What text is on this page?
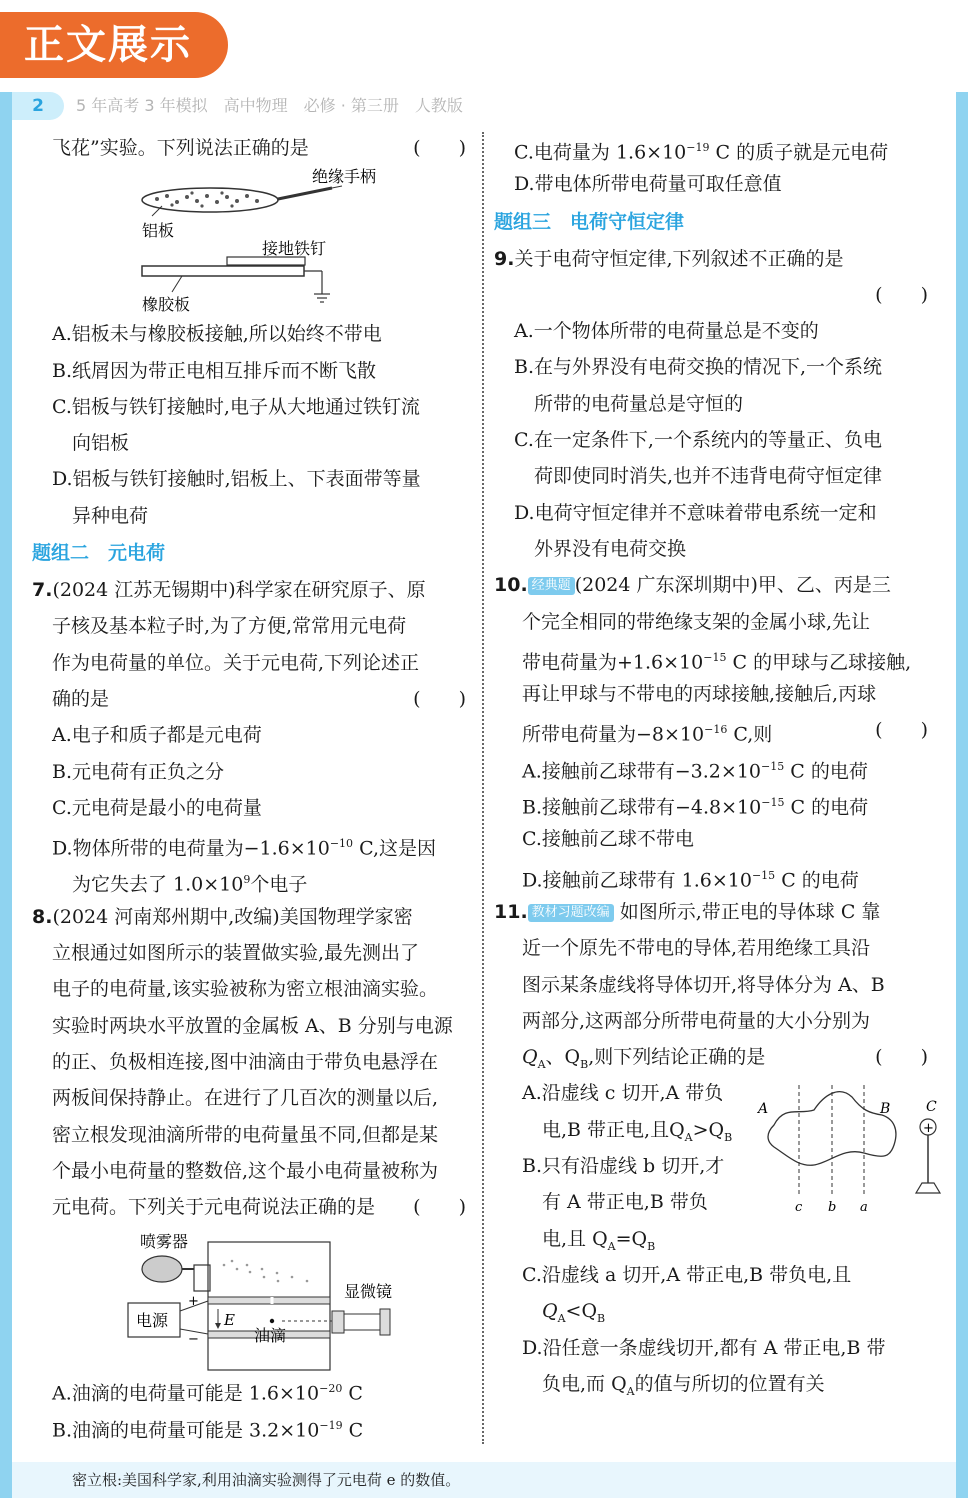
正文展示
2	5 年高考 3 年模拟　高中物理　必修 · 第三册　人教版
飞花”实验。下列说法正确的是	(　　)
绝缘手柄
铝板
接地铁钉
橡胶板
A.铝板未与橡胶板接触,所以始终不带电
B.纸屑因为带正电相互排斥而不断飞散
C.铝板与铁钉接触时,电子从大地通过铁钉流
向铝板
D.铝板与铁钉接触时,铝板上、下表面带等量
异种电荷
题组二　元电荷
7.(2024 江苏无锡期中)科学家在研究原子、原
子核及基本粒子时,为了方便,常常用元电荷
作为电荷量的单位。关于元电荷,下列论述正
确的是	(　　)
A.电子和质子都是元电荷
B.元电荷有正负之分
C.元电荷是最小的电荷量
D.物体所带的电荷量为$-1.6\times 10^{-10}$ C,这是因
为它失去了 $1.0\times 10^9$个电子
8.(2024 河南郑州期中,改编)美国物理学家密
立根通过如图所示的装置做实验,最先测出了
电子的电荷量,该实验被称为密立根油滴实验。
实验时两块水平放置的金属板 A、B 分别与电源
的正、负极相连接,图中油滴由于带负电悬浮在
两板间保持静止。在进行了几百次的测量以后,
密立根发现油滴所带的电荷量虽不同,但都是某
个最小电荷量的整数倍,这个最小电荷量被称为
元电荷。下列关于元电荷说法正确的是 (　　)
喷雾器
油滴
E
电源
+
−
显微镜
A.油滴的电荷量可能是 $1.6\times 10^{-20}$ C
B.油滴的电荷量可能是 $3.2\times 10^{-19}$ C
C.电荷量为 $1.6\times 10^{-19}$ C 的质子就是元电荷
D.带电体所带电荷量可取任意值
题组三　电荷守恒定律
9.关于电荷守恒定律,下列叙述不正确的是
(　　)
A.一个物体所带的电荷量总是不变的
B.在与外界没有电荷交换的情况下,一个系统
所带的电荷量总是守恒的
C.在一定条件下,一个系统内的等量正、负电
荷即使同时消失,也并不违背电荷守恒定律
D.电荷守恒定律并不意味着带电系统一定和
外界没有电荷交换
10. 经典题 (2024 广东深圳期中)甲、乙、丙是三
个完全相同的带绝缘支架的金属小球,先让
带电荷量为$+1.6\times 10^{-15}$ C 的甲球与乙球接触,
再让甲球与不带电的丙球接触,接触后,丙球
所带电荷量为$-8\times 10^{-16}$ C,则	(　　)
A.接触前乙球带有$-3.2\times 10^{-15}$ C 的电荷
B.接触前乙球带有$-4.8\times 10^{-15}$ C 的电荷
C.接触前乙球不带电
D.接触前乙球带有 $1.6\times 10^{-15}$ C 的电荷
11. 教材习题改编 如图所示,带正电的导体球 C 靠
近一个原先不带电的导体,若用绝缘工具沿
图示某条虚线将导体切开,将导体分为 A、B
两部分,这两部分所带电荷量的大小分别为
$Q_A$、$Q_B$,则下列结论正确的是	(　　)
A.沿虚线 c 切开,A 带负
电,B 带正电,且$Q_A>Q_B$
B.只有沿虚线 b 切开,才
有 A 带正电,B 带负
电,且 $Q_A=Q_B$
A	B	C
c b a
+
C.沿虚线 a 切开,A 带正电,B 带负电,且
$Q_A<Q_B$
D.沿任意一条虚线切开,都有 A 带正电,B 带
负电,而 $Q_A$的值与所切的位置有关
密立根:美国科学家,利用油滴实验测得了元电荷 e 的数值。
